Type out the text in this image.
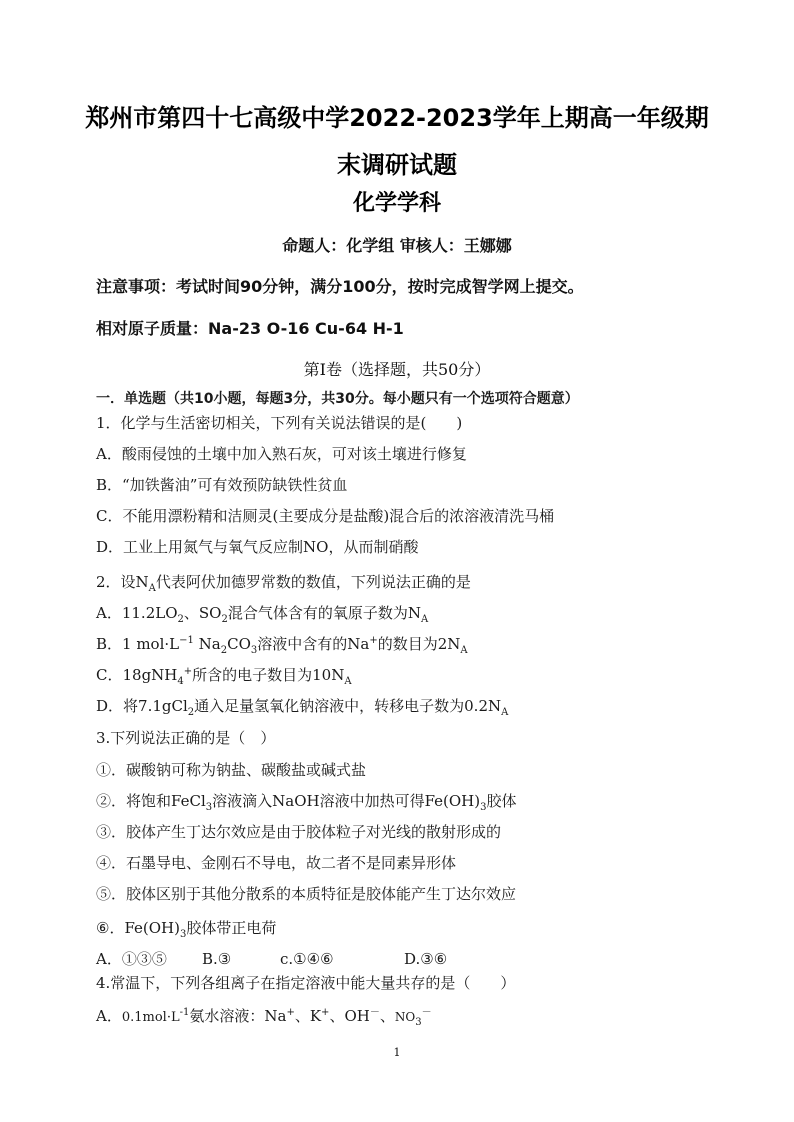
郑州市第四十七高级中学2022-2023学年上期高一年级期
末调研试题
化学学科
命题人：化学组 审核人：王娜娜
注意事项：考试时间90分钟，满分100分，按时完成智学网上提交。
相对原子质量：Na-23 O-16 Cu-64 H-1
第Ⅰ卷（选择题，共50分）
一．单选题（共10小题，每题3分，共30分。每小题只有一个选项符合题意）
1．化学与生活密切相关，下列有关说法错误的是(　　)
A．酸雨侵蚀的土壤中加入熟石灰，可对该土壤进行修复
B．“加铁酱油”可有效预防缺铁性贫血
C．不能用漂粉精和洁厕灵(主要成分是盐酸)混合后的浓溶液清洗马桶
D．工业上用氮气与氧气反应制NO，从而制硝酸
2．设$N_A$代表阿伏加德罗常数的数值，下列说法正确的是
A．$11.2LO_2$、$SO_2$混合气体含有的氧原子数为$N_A$
B．1 $mol\cdot L^{-1}$ $Na_2CO_3$溶液中含有的Na+的数目为$2N_A$
C．18gNH$_4$+所含的电子数目为$10N_A$
D．将7.1gCl$_2$通入足量氢氧化钠溶液中，转移电子数为$0.2N_A$
3.下列说法正确的是（　）
①．碳酸钠可称为钠盐、碳酸盐或碱式盐
②．将饱和FeCl$_3$溶液滴入NaOH溶液中加热可得$Fe(OH)_3$胶体
③．胶体产生丁达尔效应是由于胶体粒子对光线的散射形成的
④．石墨导电、金刚石不导电，故二者不是同素异形体
⑤．胶体区别于其他分散系的本质特征是胶体能产生丁达尔效应
⑥．$Fe(OH)_3$胶体带正电荷
A．①③⑤ B.③	c.①④⑥	D.③⑥
4.常温下，下列各组离子在指定溶液中能大量共存的是（　　）
A．$0.1mol\cdot L^{-1}$氨水溶液：Na+、K+、OH－、$NO_3^-$
1
